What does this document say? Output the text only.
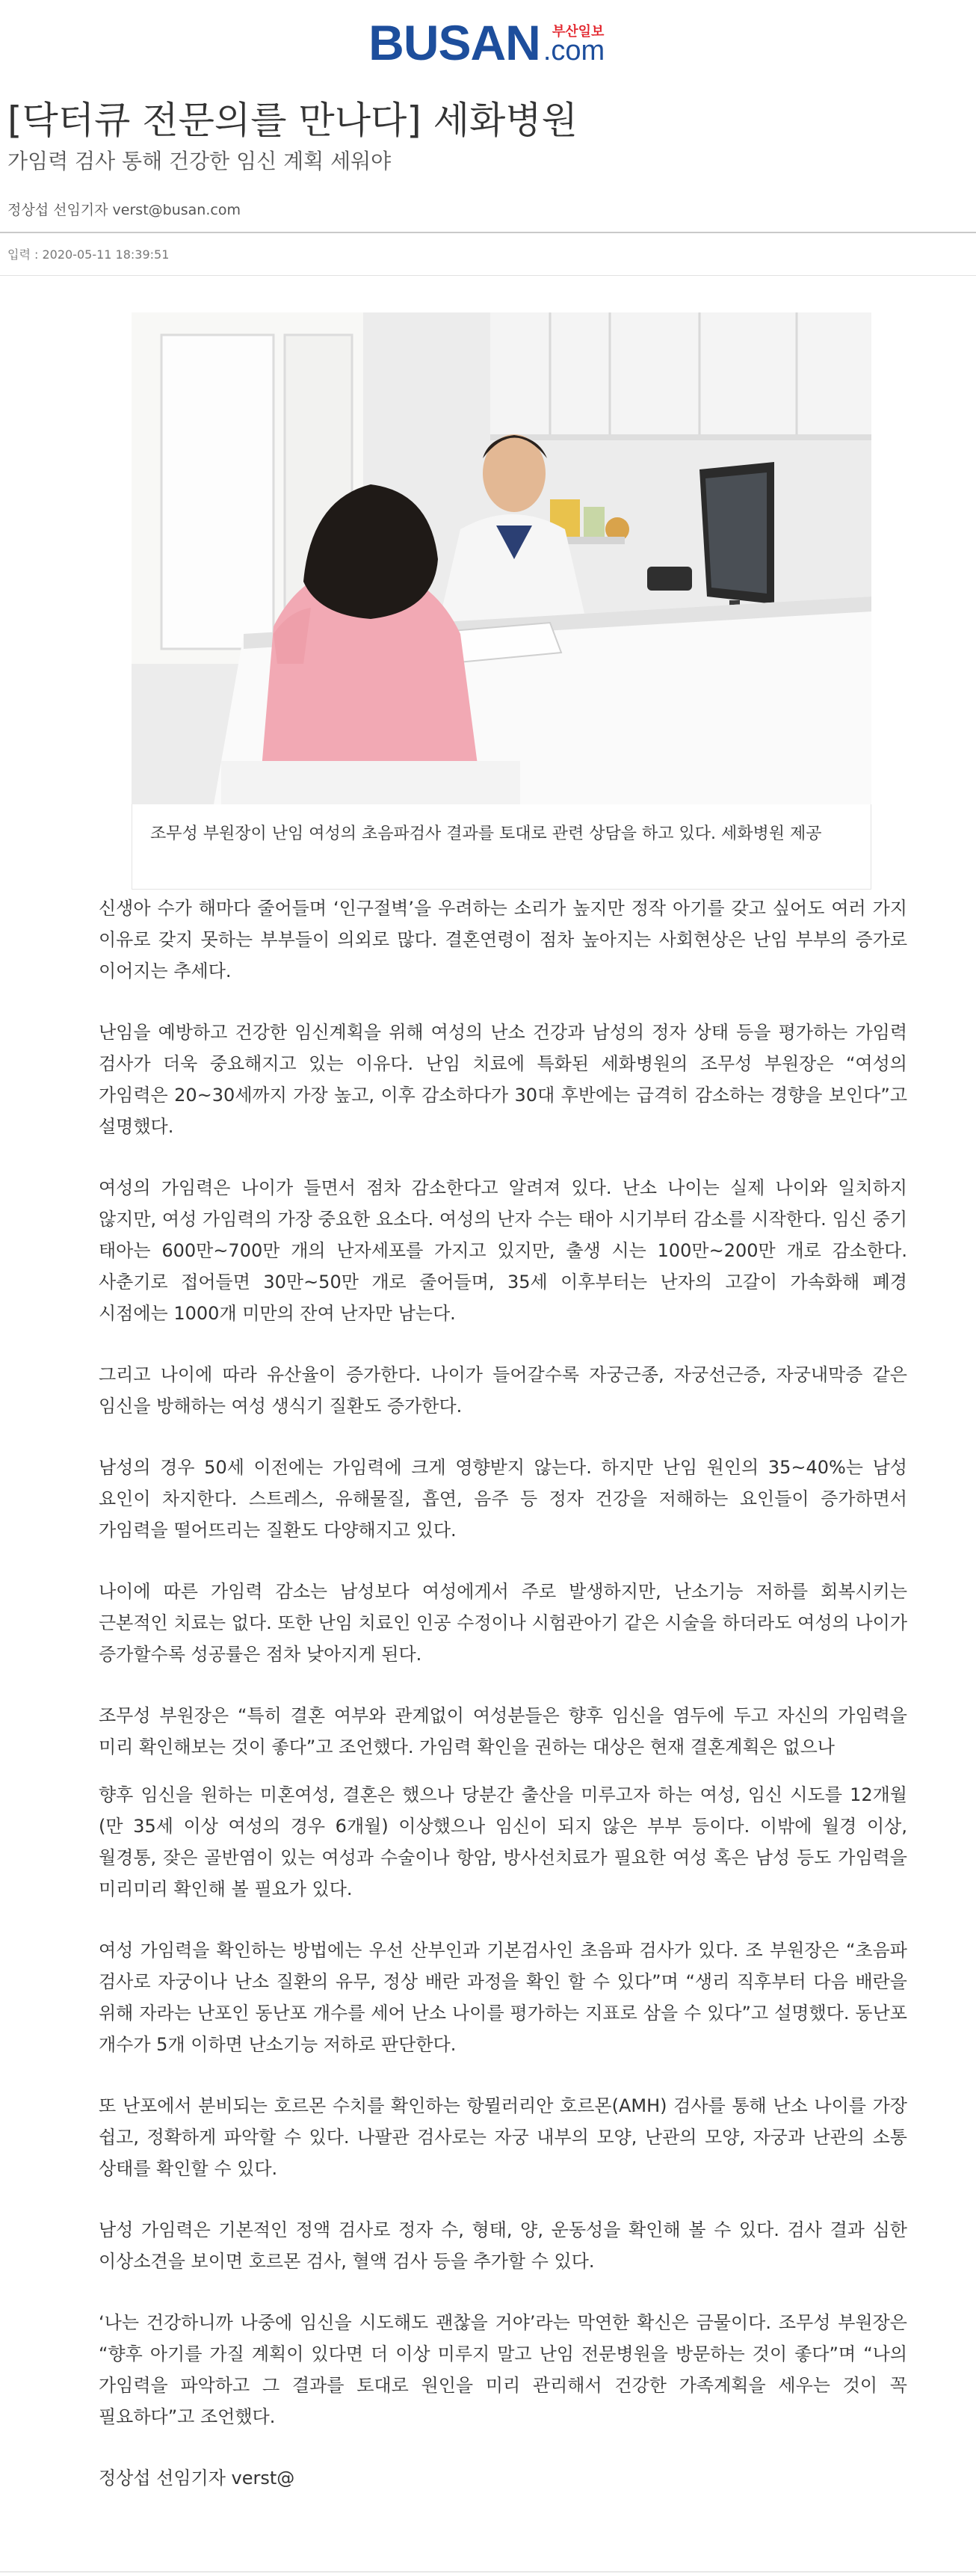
BUSAN 부산일보
.com
[닥터큐 전문의를 만나다] 세화병원
가임력 검사 통해 건강한 임신 계획 세워야
정상섭 선임기자 verst@busan.com
입력 : 2020-05-11 18:39:51
조무성 부원장이 난임 여성의 초음파검사 결과를 토대로 관련 상담을 하고 있다. 세화병원 제공

신생아 수가 해마다 줄어들며 ‘인구절벽’을 우려하는 소리가 높지만 정작 아기를 갖고 싶어도 여러 가지 이유로 갖지 못하는 부부들이 의외로 많다. 결혼연령이 점차 높아지는 사회현상은 난임 부부의 증가로 이어지는 추세다.

난임을 예방하고 건강한 임신계획을 위해 여성의 난소 건강과 남성의 정자 상태 등을 평가하는 가임력 검사가 더욱 중요해지고 있는 이유다. 난임 치료에 특화된 세화병원의 조무성 부원장은 “여성의 가임력은 20~30세까지 가장 높고, 이후 감소하다가 30대 후반에는 급격히 감소하는 경향을 보인다”고 설명했다.

여성의 가임력은 나이가 들면서 점차 감소한다고 알려져 있다. 난소 나이는 실제 나이와 일치하지 않지만, 여성 가임력의 가장 중요한 요소다. 여성의 난자 수는 태아 시기부터 감소를 시작한다. 임신 중기 태아는 600만~700만 개의 난자세포를 가지고 있지만, 출생 시는 100만~200만 개로 감소한다. 사춘기로 접어들면 30만~50만 개로 줄어들며, 35세 이후부터는 난자의 고갈이 가속화해 폐경 시점에는 1000개 미만의 잔여 난자만 남는다.

그리고 나이에 따라 유산율이 증가한다. 나이가 들어갈수록 자궁근종, 자궁선근증, 자궁내막증 같은 임신을 방해하는 여성 생식기 질환도 증가한다.

남성의 경우 50세 이전에는 가임력에 크게 영향받지 않는다. 하지만 난임 원인의 35~40%는 남성 요인이 차지한다. 스트레스, 유해물질, 흡연, 음주 등 정자 건강을 저해하는 요인들이 증가하면서 가임력을 떨어뜨리는 질환도 다양해지고 있다.

나이에 따른 가임력 감소는 남성보다 여성에게서 주로 발생하지만, 난소기능 저하를 회복시키는 근본적인 치료는 없다. 또한 난임 치료인 인공 수정이나 시험관아기 같은 시술을 하더라도 여성의 나이가 증가할수록 성공률은 점차 낮아지게 된다.

조무성 부원장은 “특히 결혼 여부와 관계없이 여성분들은 향후 임신을 염두에 두고 자신의 가임력을 미리 확인해보는 것이 좋다”고 조언했다. 가임력 확인을 권하는 대상은 현재 결혼계획은 없으나

향후 임신을 원하는 미혼여성, 결혼은 했으나 당분간 출산을 미루고자 하는 여성, 임신 시도를 12개월 (만 35세 이상 여성의 경우 6개월) 이상했으나 임신이 되지 않은 부부 등이다. 이밖에 월경 이상, 월경통, 잦은 골반염이 있는 여성과 수술이나 항암, 방사선치료가 필요한 여성 혹은 남성 등도 가임력을 미리미리 확인해 볼 필요가 있다.

여성 가임력을 확인하는 방법에는 우선 산부인과 기본검사인 초음파 검사가 있다. 조 부원장은 “초음파 검사로 자궁이나 난소 질환의 유무, 정상 배란 과정을 확인 할 수 있다”며 “생리 직후부터 다음 배란을 위해 자라는 난포인 동난포 개수를 세어 난소 나이를 평가하는 지표로 삼을 수 있다”고 설명했다. 동난포 개수가 5개 이하면 난소기능 저하로 판단한다.

또 난포에서 분비되는 호르몬 수치를 확인하는 항뮐러리안 호르몬(AMH) 검사를 통해 난소 나이를 가장 쉽고, 정확하게 파악할 수 있다. 나팔관 검사로는 자궁 내부의 모양, 난관의 모양, 자궁과 난관의 소통 상태를 확인할 수 있다.

남성 가임력은 기본적인 정액 검사로 정자 수, 형태, 양, 운동성을 확인해 볼 수 있다. 검사 결과 심한 이상소견을 보이면 호르몬 검사, 혈액 검사 등을 추가할 수 있다.

‘나는 건강하니까 나중에 임신을 시도해도 괜찮을 거야’라는 막연한 확신은 금물이다. 조무성 부원장은 “향후 아기를 가질 계획이 있다면 더 이상 미루지 말고 난임 전문병원을 방문하는 것이 좋다”며 “나의 가임력을 파악하고 그 결과를 토대로 원인을 미리 관리해서 건강한 가족계획을 세우는 것이 꼭 필요하다”고 조언했다.

정상섭 선임기자 verst@
